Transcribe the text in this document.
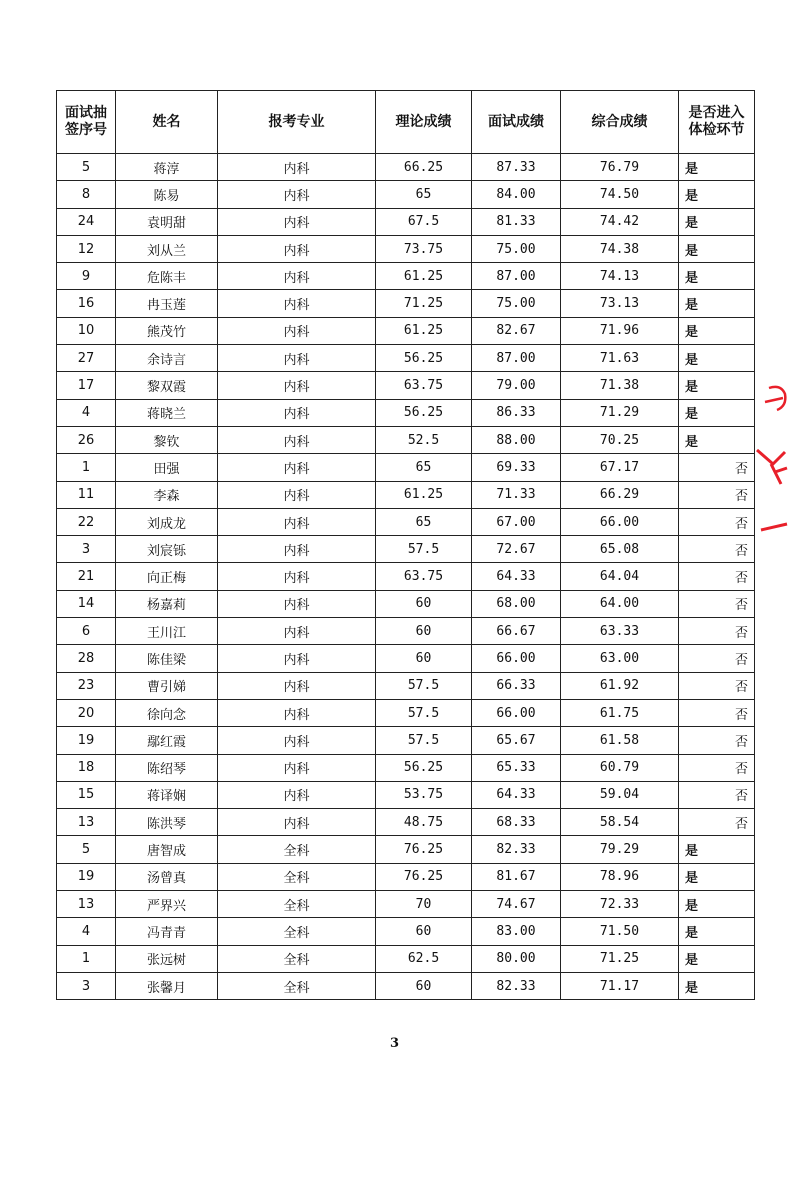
面试抽签序号	姓名	报考专业	理论成绩	面试成绩	综合成绩	是否进入体检环节
5	蒋淳	内科	66.25	87.33	76.79	是
8	陈易	内科	65	84.00	74.50	是
24	袁明甜	内科	67.5	81.33	74.42	是
12	刘从兰	内科	73.75	75.00	74.38	是
9	危陈丰	内科	61.25	87.00	74.13	是
16	冉玉莲	内科	71.25	75.00	73.13	是
10	熊茂竹	内科	61.25	82.67	71.96	是
27	余诗言	内科	56.25	87.00	71.63	是
17	黎双霞	内科	63.75	79.00	71.38	是
4	蒋晓兰	内科	56.25	86.33	71.29	是
26	黎钦	内科	52.5	88.00	70.25	是
1	田强	内科	65	69.33	67.17	否
11	李森	内科	61.25	71.33	66.29	否
22	刘成龙	内科	65	67.00	66.00	否
3	刘宸铄	内科	57.5	72.67	65.08	否
21	向正梅	内科	63.75	64.33	64.04	否
14	杨嘉莉	内科	60	68.00	64.00	否
6	王川江	内科	60	66.67	63.33	否
28	陈佳梁	内科	60	66.00	63.00	否
23	曹引娣	内科	57.5	66.33	61.92	否
20	徐向念	内科	57.5	66.00	61.75	否
19	鄢红霞	内科	57.5	65.67	61.58	否
18	陈绍琴	内科	56.25	65.33	60.79	否
15	蒋译娴	内科	53.75	64.33	59.04	否
13	陈洪琴	内科	48.75	68.33	58.54	否
5	唐智成	全科	76.25	82.33	79.29	是
19	汤曾真	全科	76.25	81.67	78.96	是
13	严界兴	全科	70	74.67	72.33	是
4	冯青青	全科	60	83.00	71.50	是
1	张远树	全科	62.5	80.00	71.25	是
3	张馨月	全科	60	82.33	71.17	是
3
